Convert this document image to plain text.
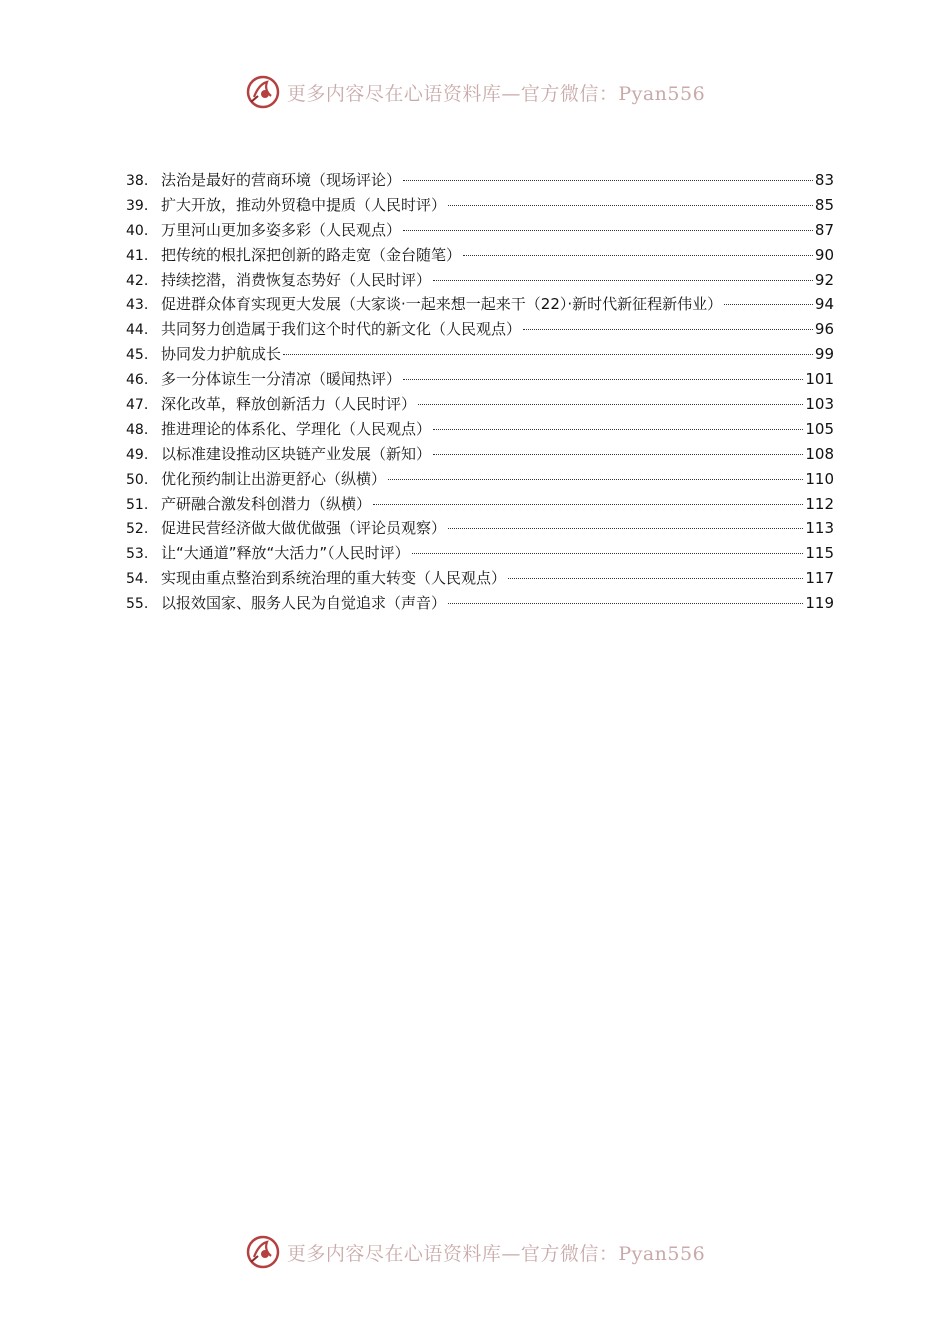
更多内容尽在心语资料库—官方微信：Pyan556
38. 法治是最好的营商环境（现场评论）	83
39. 扩大开放，推动外贸稳中提质（人民时评）	85
40. 万里河山更加多姿多彩（人民观点）	87
41. 把传统的根扎深把创新的路走宽（金台随笔）	90
42. 持续挖潜，消费恢复态势好（人民时评）	92
43. 促进群众体育实现更大发展（大家谈·一起来想一起来干（22）·新时代新征程新伟业）	94
44. 共同努力创造属于我们这个时代的新文化（人民观点）	96
45. 协同发力护航成长	99
46. 多一分体谅生一分清凉（暖闻热评）	101
47. 深化改革，释放创新活力（人民时评）	103
48. 推进理论的体系化、学理化（人民观点）	105
49. 以标准建设推动区块链产业发展（新知）	108
50. 优化预约制让出游更舒心（纵横）	110
51. 产研融合激发科创潜力（纵横）	112
52. 促进民营经济做大做优做强（评论员观察）	113
53. 让“大通道”释放“大活力”（人民时评）	115
54. 实现由重点整治到系统治理的重大转变（人民观点）	117
55. 以报效国家、服务人民为自觉追求（声音）	119
更多内容尽在心语资料库—官方微信：Pyan556
